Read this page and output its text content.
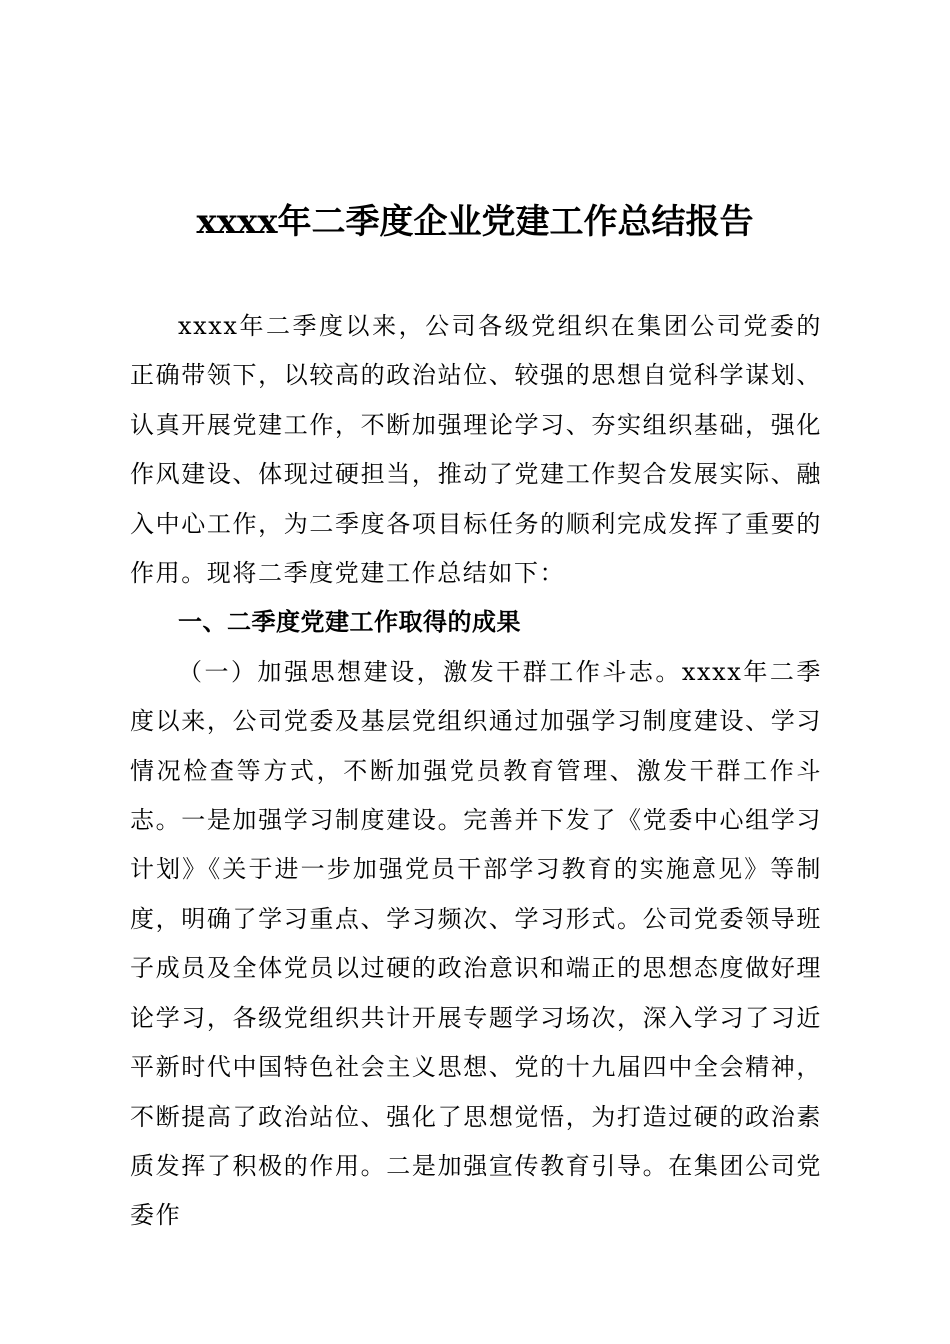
xxxx年二季度企业党建工作总结报告

xxxx年二季度以来，公司各级党组织在集团公司党委的正确带领下，以较高的政治站位、较强的思想自觉科学谋划、认真开展党建工作，不断加强理论学习、夯实组织基础，强化作风建设、体现过硬担当，推动了党建工作契合发展实际、融入中心工作，为二季度各项目标任务的顺利完成发挥了重要的作用。现将二季度党建工作总结如下：

一、二季度党建工作取得的成果

（一）加强思想建设，激发干群工作斗志。xxxx年二季度以来，公司党委及基层党组织通过加强学习制度建设、学习情况检查等方式，不断加强党员教育管理、激发干群工作斗志。一是加强学习制度建设。完善并下发了《党委中心组学习计划》《关于进一步加强党员干部学习教育的实施意见》等制度，明确了学习重点、学习频次、学习形式。公司党委领导班子成员及全体党员以过硬的政治意识和端正的思想态度做好理论学习，各级党组织共计开展专题学习场次，深入学习了习近平新时代中国特色社会主义思想、党的十九届四中全会精神，不断提高了政治站位、强化了思想觉悟，为打造过硬的政治素质发挥了积极的作用。二是加强宣传教育引导。在集团公司党委作
